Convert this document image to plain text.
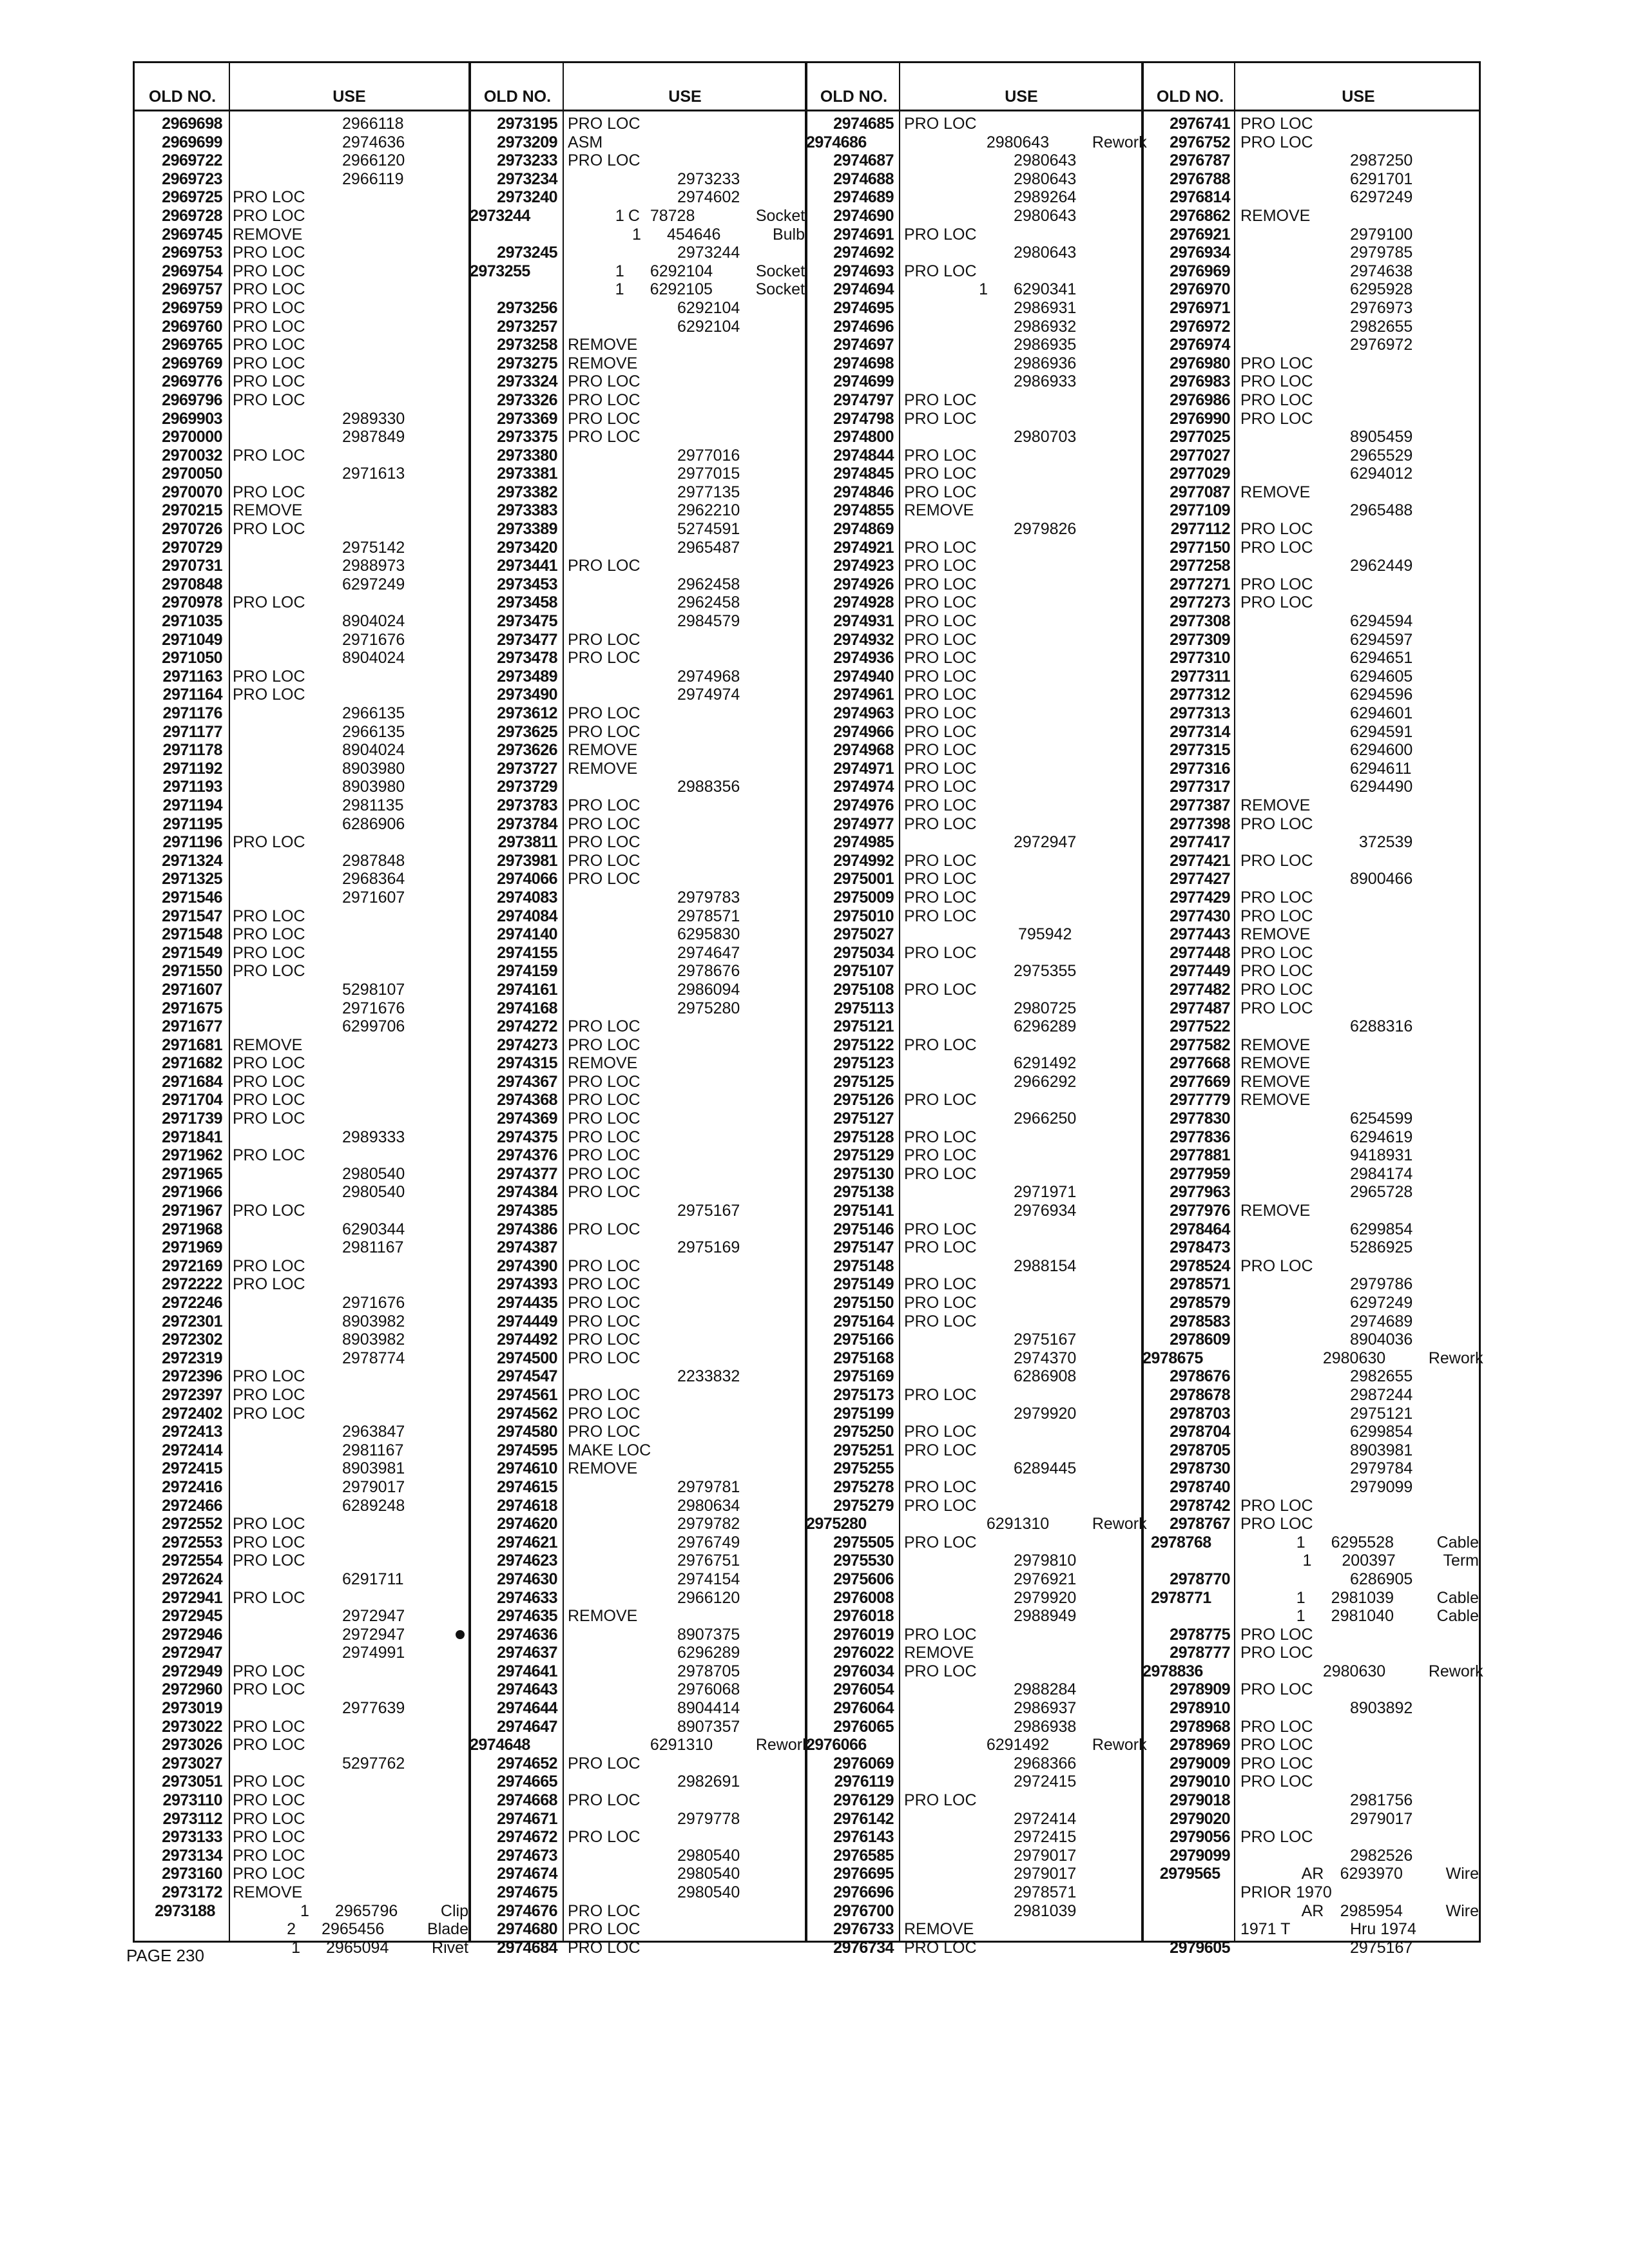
OLD NO.	USE	OLD NO.	USE	OLD NO.	USE	OLD NO.	USE
2969698	2966118
2969699	2974636
2969722	2966120
2969723	2966119
2969725 PRO LOC
2969728 PRO LOC
2969745 REMOVE
2969753 PRO LOC
2969754 PRO LOC
2969757 PRO LOC
2969759 PRO LOC
2969760 PRO LOC
2969765 PRO LOC
2969769 PRO LOC
2969776 PRO LOC
2969796 PRO LOC
2969903	2989330
2970000	2987849
2970032 PRO LOC
2970050	2971613
2970070 PRO LOC
2970215 REMOVE
2970726 PRO LOC
2970729	2975142
2970731	2988973
2970848	6297249
2970978 PRO LOC
2971035	8904024
2971049	2971676
2971050	8904024
2971163 PRO LOC
2971164 PRO LOC
2971176	2966135
2971177	2966135
2971178	8904024
2971192	8903980
2971193	8903980
2971194	2981135
2971195	6286906
2971196 PRO LOC
2971324	2987848
2971325	2968364
2971546	2971607
2971547 PRO LOC
2971548 PRO LOC
2971549 PRO LOC
2971550 PRO LOC
2971607	5298107
2971675	2971676
2971677	6299706
2971681 REMOVE
2971682 PRO LOC
2971684 PRO LOC
2971704 PRO LOC
2971739 PRO LOC
2971841	2989333
2971962 PRO LOC
2971965	2980540
2971966	2980540
2971967 PRO LOC
2971968	6290344
2971969	2981167
2972169 PRO LOC
2972222 PRO LOC
2972246	2971676
2972301	8903982
2972302	8903982
2972319	2978774
2972396 PRO LOC
2972397 PRO LOC
2972402 PRO LOC
2972413	2963847
2972414	2981167
2972415	8903981
2972416	2979017
2972466	6289248
2972552 PRO LOC
2972553 PRO LOC
2972554 PRO LOC
2972624	6291711
2972941 PRO LOC
2972945	2972947
2972946	2972947
2972947	2974991
2972949 PRO LOC
2972960 PRO LOC
2973019	2977639
2973022 PRO LOC
2973026 PRO LOC
2973027	5297762
2973051 PRO LOC
2973110 PRO LOC
2973112 PRO LOC
2973133 PRO LOC
2973134 PRO LOC
2973160 PRO LOC
2973172 REMOVE
2973188	1 2965796	Clip
2 2965456	Blade
1 2965094	Rivet
2973195 PRO LOC
2973209 ASM
2973233 PRO LOC
2973234	2973233
2973240	2974602
2973244	1 C 78728	Socket
1 454646	Bulb
2973245	2973244
2973255	1 6292104	Socket
1 6292105	Socket
2973256	6292104
2973257	6292104
2973258 REMOVE
2973275 REMOVE
2973324 PRO LOC
2973326 PRO LOC
2973369 PRO LOC
2973375 PRO LOC
2973380	2977016
2973381	2977015
2973382	2977135
2973383	2962210
2973389	5274591
2973420	2965487
2973441 PRO LOC
2973453	2962458
2973458	2962458
2973475	2984579
2973477 PRO LOC
2973478 PRO LOC
2973489	2974968
2973490	2974974
2973612 PRO LOC
2973625 PRO LOC
2973626 REMOVE
2973727 REMOVE
2973729	2988356
2973783 PRO LOC
2973784 PRO LOC
2973811 PRO LOC
2973981 PRO LOC
2974066 PRO LOC
2974083	2979783
2974084	2978571
2974140	6295830
2974155	2974647
2974159	2978676
2974161	2986094
2974168	2975280
2974272 PRO LOC
2974273 PRO LOC
2974315 REMOVE
2974367 PRO LOC
2974368 PRO LOC
2974369 PRO LOC
2974375 PRO LOC
2974376 PRO LOC
2974377 PRO LOC
2974384 PRO LOC
2974385	2975167
2974386 PRO LOC
2974387	2975169
2974390 PRO LOC
2974393 PRO LOC
2974435 PRO LOC
2974449 PRO LOC
2974492 PRO LOC
2974500 PRO LOC
2974547	2233832
2974561 PRO LOC
2974562 PRO LOC
2974580 PRO LOC
2974595 MAKE LOC
2974610 REMOVE
2974615	2979781
2974618	2980634
2974620	2979782
2974621	2976749
2974623	2976751
2974630	2974154
2974633	2966120
2974635 REMOVE
2974636	8907375
2974637	6296289
2974641	2978705
2974643	2976068
2974644	8904414
2974647	8907357
2974648	6291310	Rework
2974652 PRO LOC
2974665	2982691
2974668 PRO LOC
2974671	2979778
2974672 PRO LOC
2974673	2980540
2974674	2980540
2974675	2980540
2974676 PRO LOC
2974680 PRO LOC
2974684 PRO LOC
2974685 PRO LOC
2974686	2980643	Rework
2974687	2980643
2974688	2980643
2974689	2989264
2974690	2980643
2974691 PRO LOC
2974692	2980643
2974693 PRO LOC
2974694	1 6290341
2974695	2986931
2974696	2986932
2974697	2986935
2974698	2986936
2974699	2986933
2974797 PRO LOC
2974798 PRO LOC
2974800	2980703
2974844 PRO LOC
2974845 PRO LOC
2974846 PRO LOC
2974855 REMOVE
2974869	2979826
2974921 PRO LOC
2974923 PRO LOC
2974926 PRO LOC
2974928 PRO LOC
2974931 PRO LOC
2974932 PRO LOC
2974936 PRO LOC
2974940 PRO LOC
2974961 PRO LOC
2974963 PRO LOC
2974966 PRO LOC
2974968 PRO LOC
2974971 PRO LOC
2974974 PRO LOC
2974976 PRO LOC
2974977 PRO LOC
2974985	2972947
2974992 PRO LOC
2975001 PRO LOC
2975009 PRO LOC
2975010 PRO LOC
2975027	795942
2975034 PRO LOC
2975107	2975355
2975108 PRO LOC
2975113	2980725
2975121	6296289
2975122 PRO LOC
2975123	6291492
2975125	2966292
2975126 PRO LOC
2975127	2966250
2975128 PRO LOC
2975129 PRO LOC
2975130 PRO LOC
2975138	2971971
2975141	2976934
2975146 PRO LOC
2975147 PRO LOC
2975148	2988154
2975149 PRO LOC
2975150 PRO LOC
2975164 PRO LOC
2975166	2975167
2975168	2974370
2975169	6286908
2975173 PRO LOC
2975199	2979920
2975250 PRO LOC
2975251 PRO LOC
2975255	6289445
2975278 PRO LOC
2975279 PRO LOC
2975280	6291310	Rework
2975505 PRO LOC
2975530	2979810
2975606	2976921
2976008	2979920
2976018	2988949
2976019 PRO LOC
2976022 REMOVE
2976034 PRO LOC
2976054	2988284
2976064	2986937
2976065	2986938
2976066	6291492	Rework
2976069	2968366
2976119	2972415
2976129 PRO LOC
2976142	2972414
2976143	2972415
2976585	2979017
2976695	2979017
2976696	2978571
2976700	2981039
2976733 REMOVE
2976734 PRO LOC
2976741 PRO LOC
2976752 PRO LOC
2976787	2987250
2976788	6291701
2976814	6297249
2976862 REMOVE
2976921	2979100
2976934	2979785
2976969	2974638
2976970	6295928
2976971	2976973
2976972	2982655
2976974	2976972
2976980 PRO LOC
2976983 PRO LOC
2976986 PRO LOC
2976990 PRO LOC
2977025	8905459
2977027	2965529
2977029	6294012
2977087 REMOVE
2977109	2965488
2977112 PRO LOC
2977150 PRO LOC
2977258	2962449
2977271 PRO LOC
2977273 PRO LOC
2977308	6294594
2977309	6294597
2977310	6294651
2977311	6294605
2977312	6294596
2977313	6294601
2977314	6294591
2977315	6294600
2977316	6294611
2977317	6294490
2977387 REMOVE
2977398 PRO LOC
2977417	372539
2977421 PRO LOC
2977427	8900466
2977429 PRO LOC
2977430 PRO LOC
2977443 REMOVE
2977448 PRO LOC
2977449 PRO LOC
2977482 PRO LOC
2977487 PRO LOC
2977522	6288316
2977582 REMOVE
2977668 REMOVE
2977669 REMOVE
2977779 REMOVE
2977830	6254599
2977836	6294619
2977881	9418931
2977959	2984174
2977963	2965728
2977976 REMOVE
2978464	6299854
2978473	5286925
2978524 PRO LOC
2978571	2979786
2978579	6297249
2978583	2974689
2978609	8904036
2978675	2980630	Rework
2978676	2982655
2978678	2987244
2978703	2975121
2978704	6299854
2978705	8903981
2978730	2979784
2978740	2979099
2978742 PRO LOC
2978767 PRO LOC
2978768	1 6295528	Cable
1 200397	Term
2978770	6286905
2978771	1 2981039	Cable
1 2981040	Cable
2978775 PRO LOC
2978777 PRO LOC
2978836	2980630	Rework
2978909 PRO LOC
2978910	8903892
2978968 PRO LOC
2978969 PRO LOC
2979009 PRO LOC
2979010 PRO LOC
2979018	2981756
2979020	2979017
2979056 PRO LOC
2979099	2982526
2979565	AR 6293970	Wire
PRIOR 1970
AR 2985954	Wire
1971 T	Hru 1974
2979605	2975167
PAGE 230
